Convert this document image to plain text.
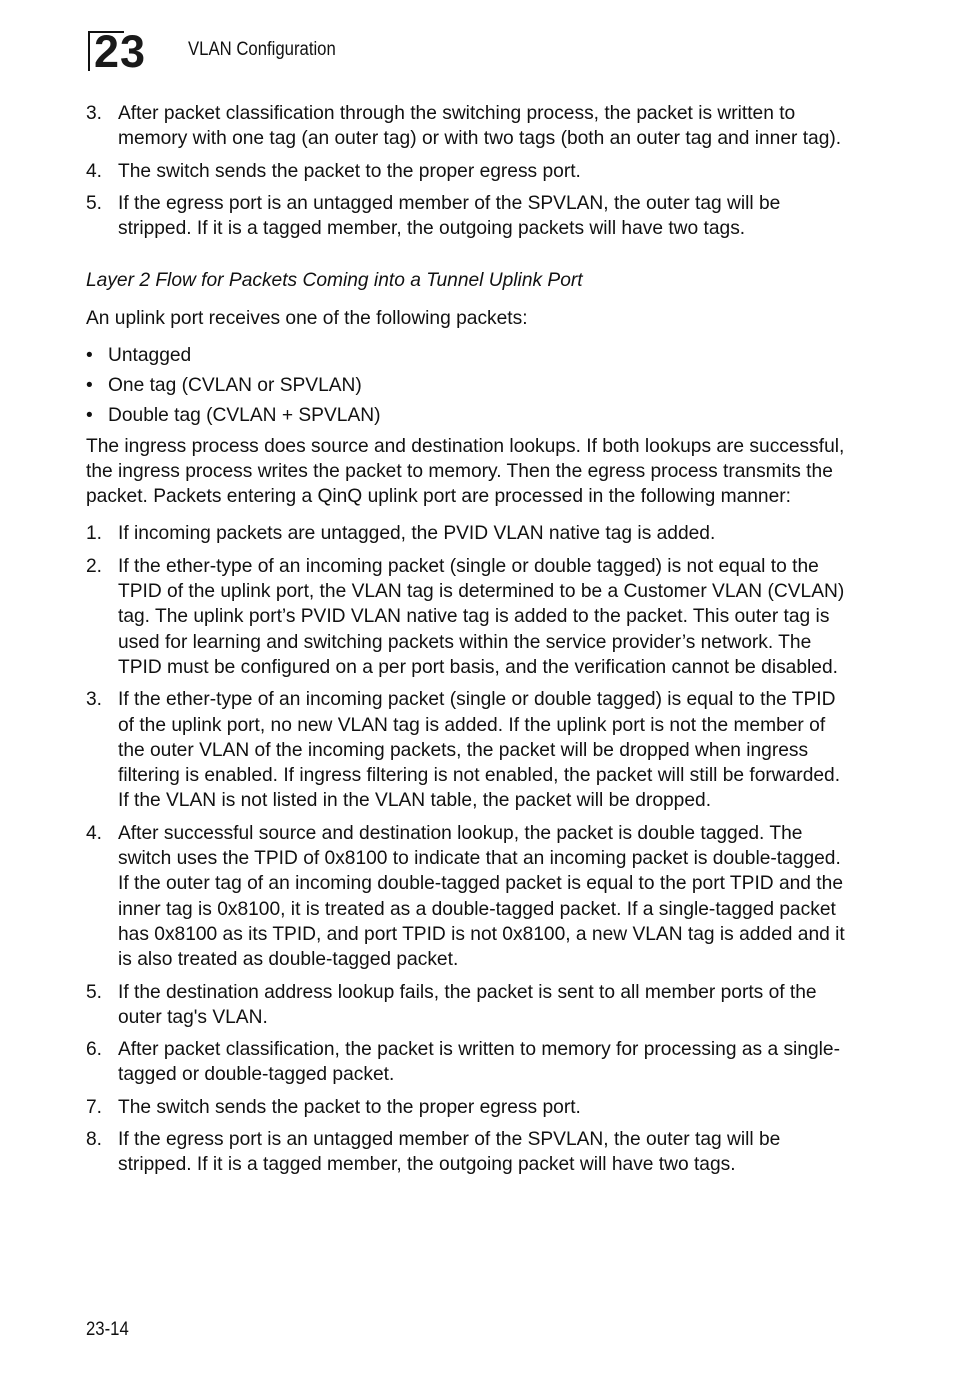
23 VLAN Configuration
3. After packet classification through the switching process, the packet is written to memory with one tag (an outer tag) or with two tags (both an outer tag and inner tag).
4. The switch sends the packet to the proper egress port.
5. If the egress port is an untagged member of the SPVLAN, the outer tag will be stripped. If it is a tagged member, the outgoing packets will have two tags.
Layer 2 Flow for Packets Coming into a Tunnel Uplink Port

An uplink port receives one of the following packets:

• Untagged
• One tag (CVLAN or SPVLAN)
• Double tag (CVLAN + SPVLAN)

The ingress process does source and destination lookups. If both lookups are successful, the ingress process writes the packet to memory. Then the egress process transmits the packet. Packets entering a QinQ uplink port are processed in the following manner:

1. If incoming packets are untagged, the PVID VLAN native tag is added.
2. If the ether-type of an incoming packet (single or double tagged) is not equal to the TPID of the uplink port, the VLAN tag is determined to be a Customer VLAN (CVLAN) tag. The uplink port’s PVID VLAN native tag is added to the packet. This outer tag is used for learning and switching packets within the service provider’s network. The TPID must be configured on a per port basis, and the verification cannot be disabled.
3. If the ether-type of an incoming packet (single or double tagged) is equal to the TPID of the uplink port, no new VLAN tag is added. If the uplink port is not the member of the outer VLAN of the incoming packets, the packet will be dropped when ingress filtering is enabled. If ingress filtering is not enabled, the packet will still be forwarded. If the VLAN is not listed in the VLAN table, the packet will be dropped.
4. After successful source and destination lookup, the packet is double tagged. The switch uses the TPID of 0x8100 to indicate that an incoming packet is double-tagged. If the outer tag of an incoming double-tagged packet is equal to the port TPID and the inner tag is 0x8100, it is treated as a double-tagged packet. If a single-tagged packet has 0x8100 as its TPID, and port TPID is not 0x8100, a new VLAN tag is added and it is also treated as double-tagged packet.
5. If the destination address lookup fails, the packet is sent to all member ports of the outer tag's VLAN.
6. After packet classification, the packet is written to memory for processing as a single-tagged or double-tagged packet.
7. The switch sends the packet to the proper egress port.
8. If the egress port is an untagged member of the SPVLAN, the outer tag will be stripped. If it is a tagged member, the outgoing packet will have two tags.
23-14
